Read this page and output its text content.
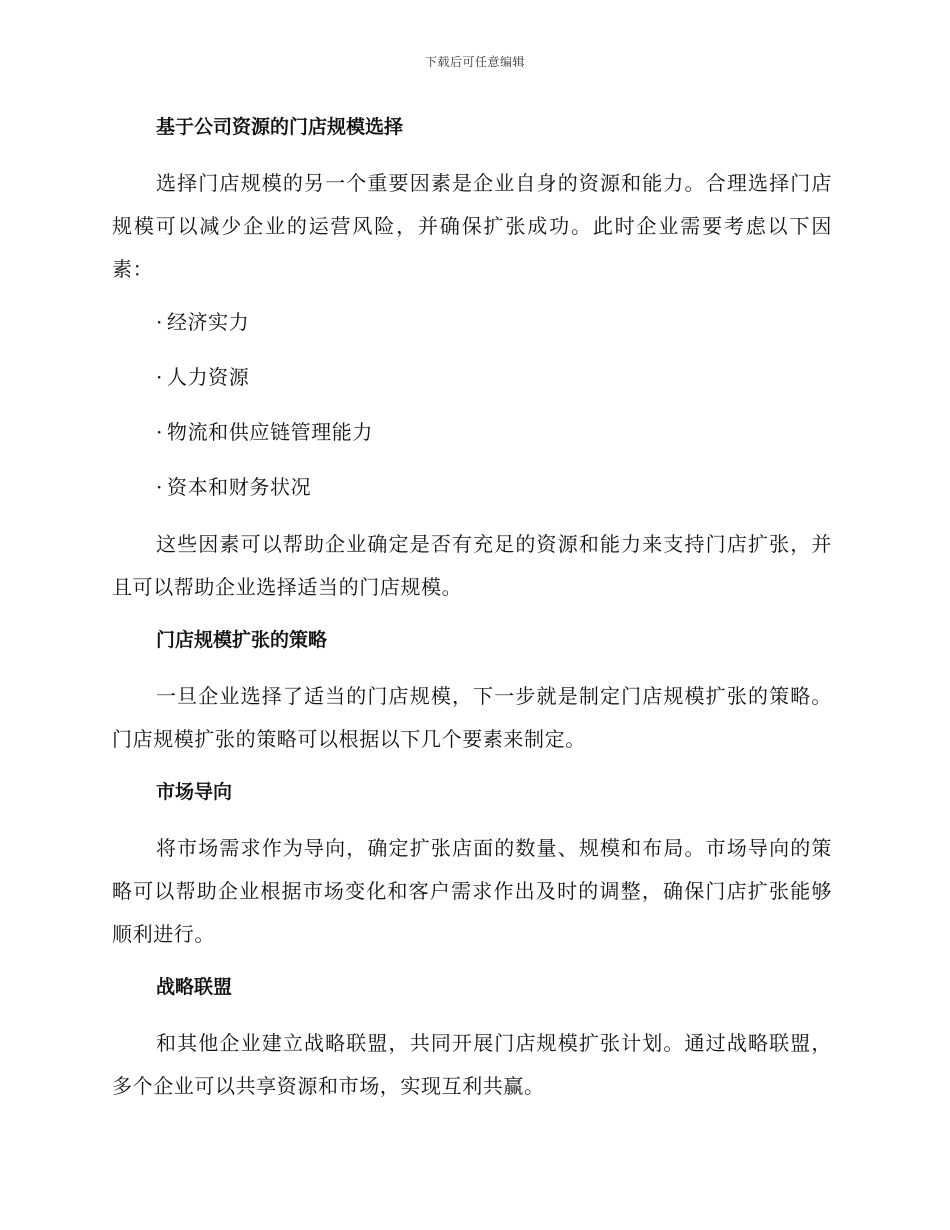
下载后可任意编辑
基于公司资源的门店规模选择

选择门店规模的另一个重要因素是企业自身的资源和能力。合理选择门店规模可以减少企业的运营风险，并确保扩张成功。此时企业需要考虑以下因素：

· 经济实力
· 人力资源
· 物流和供应链管理能力
· 资本和财务状况

这些因素可以帮助企业确定是否有充足的资源和能力来支持门店扩张，并且可以帮助企业选择适当的门店规模。

门店规模扩张的策略

一旦企业选择了适当的门店规模，下一步就是制定门店规模扩张的策略。门店规模扩张的策略可以根据以下几个要素来制定。

市场导向

将市场需求作为导向，确定扩张店面的数量、规模和布局。市场导向的策略可以帮助企业根据市场变化和客户需求作出及时的调整，确保门店扩张能够顺利进行。

战略联盟

和其他企业建立战略联盟，共同开展门店规模扩张计划。通过战略联盟，多个企业可以共享资源和市场，实现互利共赢。
